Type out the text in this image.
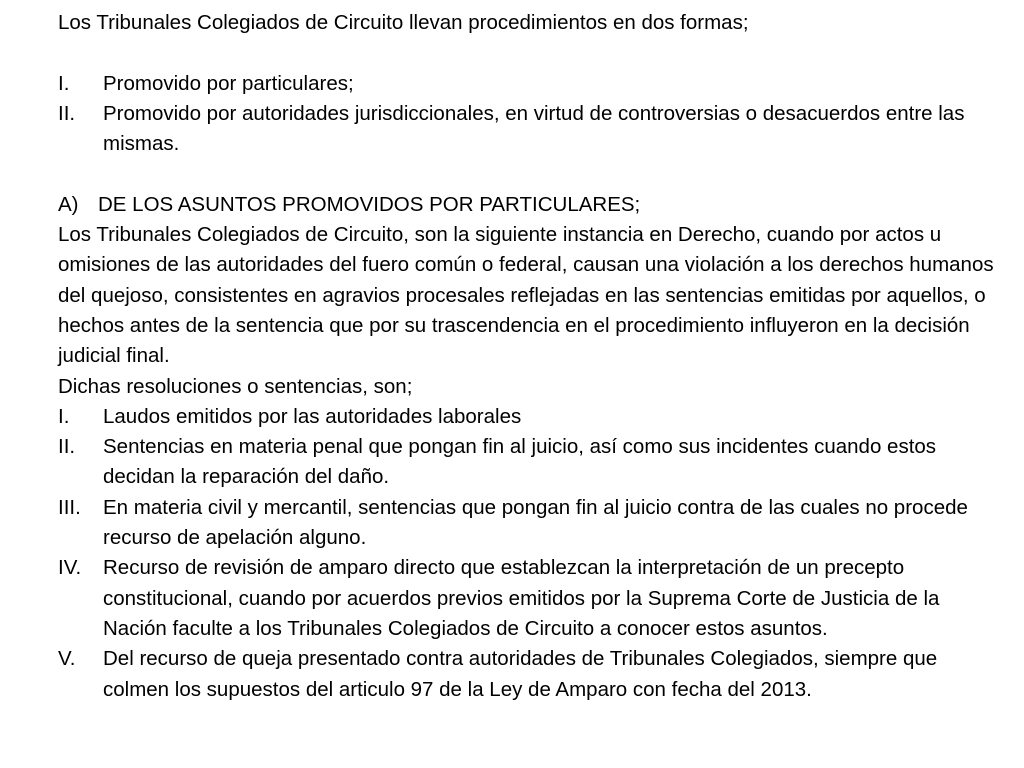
Los Tribunales Colegiados de Circuito llevan procedimientos en dos formas;
I. Promovido por particulares;
II. Promovido por autoridades jurisdiccionales, en virtud de controversias o desacuerdos entre las mismas.
A) DE LOS ASUNTOS PROMOVIDOS POR PARTICULARES;
Los Tribunales Colegiados de Circuito, son la siguiente instancia en Derecho, cuando por actos u omisiones de las autoridades del fuero común o federal, causan una violación a los derechos humanos del quejoso, consistentes en agravios procesales reflejadas en las sentencias emitidas por aquellos, o hechos antes de la sentencia que por su trascendencia en el procedimiento influyeron en la decisión judicial final.
Dichas resoluciones o sentencias, son;
I. Laudos emitidos por las autoridades laborales
II. Sentencias en materia penal que pongan fin al juicio, así como sus incidentes cuando estos decidan la reparación del daño.
III. En materia civil y mercantil, sentencias que pongan fin al juicio contra de las cuales no procede recurso de apelación alguno.
IV. Recurso de revisión de amparo directo que establezcan la interpretación de un precepto constitucional, cuando por acuerdos previos emitidos por la Suprema Corte de Justicia de la Nación faculte a los Tribunales Colegiados de Circuito a conocer estos asuntos.
V. Del recurso de queja presentado contra autoridades de Tribunales Colegiados, siempre que colmen los supuestos del articulo 97 de la Ley de Amparo con fecha del 2013.
